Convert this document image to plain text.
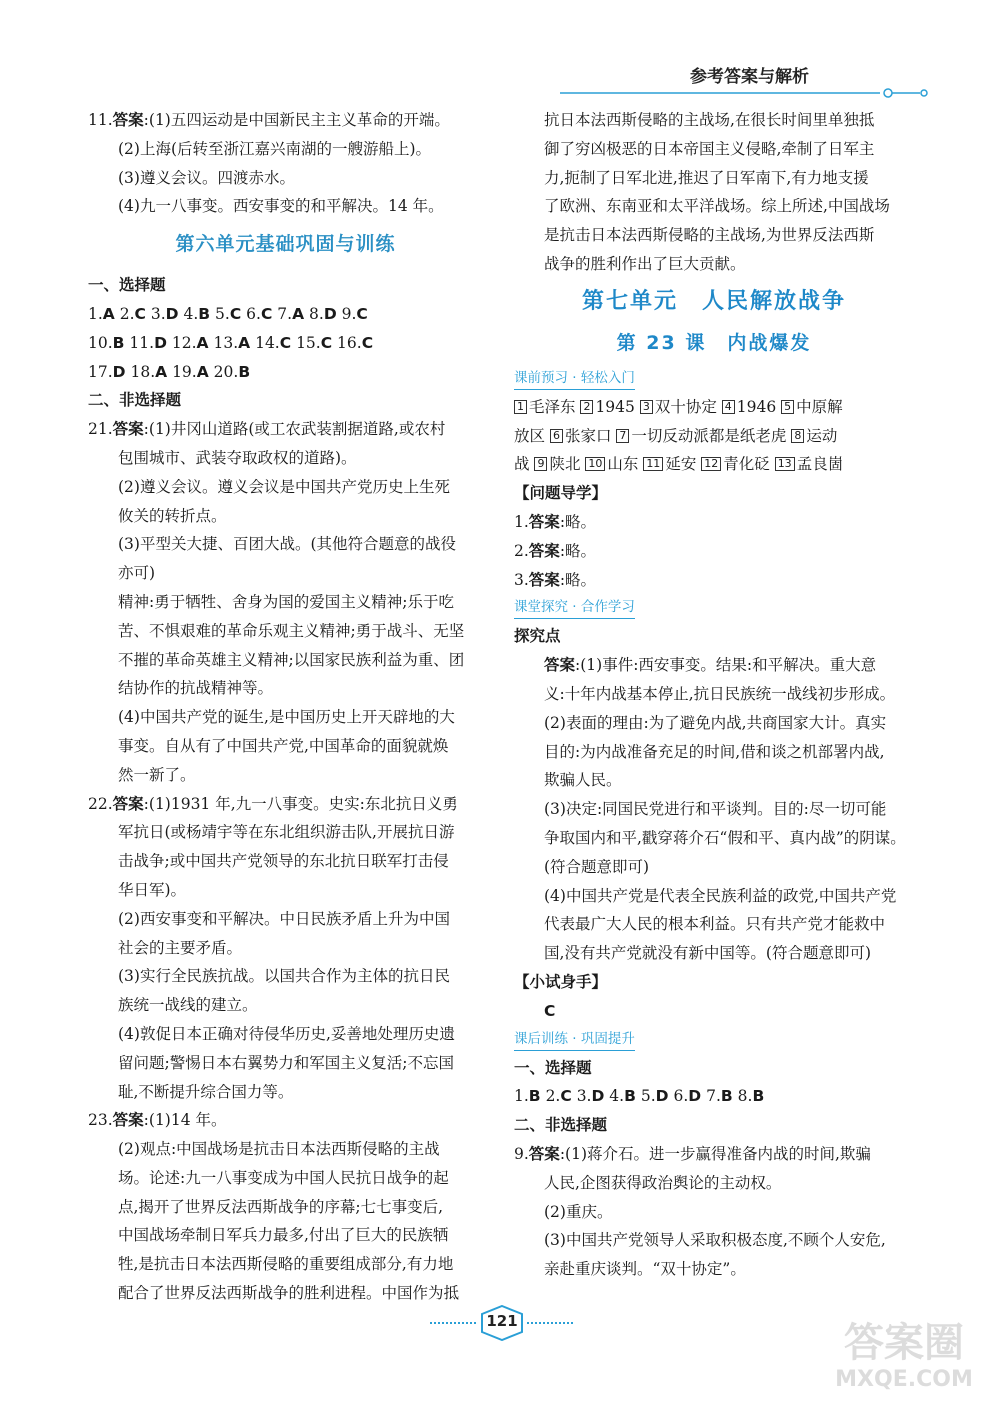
参考答案与解析
11.答案:(1)五四运动是中国新民主主义革命的开端。
(2)上海(后转至浙江嘉兴南湖的一艘游船上)。
(3)遵义会议。四渡赤水。
(4)九一八事变。西安事变的和平解决。14 年。
第六单元基础巩固与训练
一、选择题
1.A 2.C 3.D 4.B 5.C 6.C 7.A 8.D 9.C
10.B 11.D 12.A 13.A 14.C 15.C 16.C
17.D 18.A 19.A 20.B
二、非选择题
21.答案:(1)井冈山道路(或工农武装割据道路,或农村
包围城市、武装夺取政权的道路)。
(2)遵义会议。遵义会议是中国共产党历史上生死
攸关的转折点。
(3)平型关大捷、百团大战。(其他符合题意的战役
亦可)
精神:勇于牺牲、舍身为国的爱国主义精神;乐于吃
苦、不惧艰难的革命乐观主义精神;勇于战斗、无坚
不摧的革命英雄主义精神;以国家民族利益为重、团
结协作的抗战精神等。
(4)中国共产党的诞生,是中国历史上开天辟地的大
事变。自从有了中国共产党,中国革命的面貌就焕
然一新了。
22.答案:(1)1931 年,九一八事变。史实:东北抗日义勇
军抗日(或杨靖宇等在东北组织游击队,开展抗日游
击战争;或中国共产党领导的东北抗日联军打击侵
华日军)。
(2)西安事变和平解决。中日民族矛盾上升为中国
社会的主要矛盾。
(3)实行全民族抗战。以国共合作为主体的抗日民
族统一战线的建立。
(4)敦促日本正确对待侵华历史,妥善地处理历史遗
留问题;警惕日本右翼势力和军国主义复活;不忘国
耻,不断提升综合国力等。
23.答案:(1)14 年。
(2)观点:中国战场是抗击日本法西斯侵略的主战
场。论述:九一八事变成为中国人民抗日战争的起
点,揭开了世界反法西斯战争的序幕;七七事变后,
中国战场牵制日军兵力最多,付出了巨大的民族牺
牲,是抗击日本法西斯侵略的重要组成部分,有力地
配合了世界反法西斯战争的胜利进程。中国作为抵
抗日本法西斯侵略的主战场,在很长时间里单独抵
御了穷凶极恶的日本帝国主义侵略,牵制了日军主
力,扼制了日军北进,推迟了日军南下,有力地支援
了欧洲、东南亚和太平洋战场。综上所述,中国战场
是抗击日本法西斯侵略的主战场,为世界反法西斯
战争的胜利作出了巨大贡献。
第七单元　人民解放战争
第 23 课　内战爆发
课前预习 · 轻松入门
1 毛泽东 2 1945 3 双十协定 4 1946 5 中原解
放区 6 张家口 7 一切反动派都是纸老虎 8 运动
战 9 陕北 10 山东 11 延安 12 青化砭 13 孟良崮
【问题导学】
1.答案:略。
2.答案:略。
3.答案:略。
课堂探究 · 合作学习
探究点
答案:(1)事件:西安事变。结果:和平解决。重大意
义:十年内战基本停止,抗日民族统一战线初步形成。
(2)表面的理由:为了避免内战,共商国家大计。真实
目的:为内战准备充足的时间,借和谈之机部署内战,
欺骗人民。
(3)决定:同国民党进行和平谈判。目的:尽一切可能
争取国内和平,戳穿蒋介石“假和平、真内战”的阴谋。
(符合题意即可)
(4)中国共产党是代表全民族利益的政党,中国共产党
代表最广大人民的根本利益。只有共产党才能救中
国,没有共产党就没有新中国等。(符合题意即可)
【小试身手】
C
课后训练 · 巩固提升
一、选择题
1.B 2.C 3.D 4.B 5.D 6.D 7.B 8.B
二、非选择题
9.答案:(1)蒋介石。进一步赢得准备内战的时间,欺骗
人民,企图获得政治舆论的主动权。
(2)重庆。
(3)中国共产党领导人采取积极态度,不顾个人安危,
亲赴重庆谈判。“双十协定”。
121	答案圈
MXQE.COM
